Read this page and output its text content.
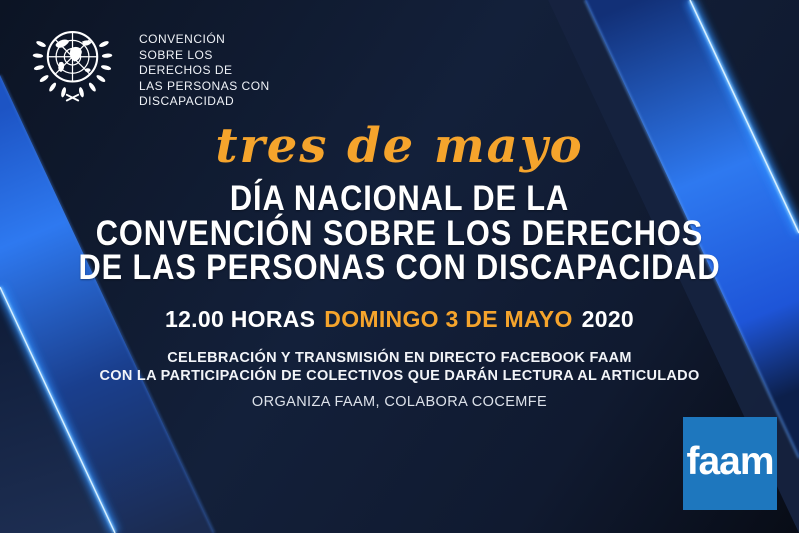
CONVENCIÓN
SOBRE LOS
DERECHOS DE
LAS PERSONAS CON
DISCAPACIDAD
tres de mayo
DÍA NACIONAL DE LA
CONVENCIÓN SOBRE LOS DERECHOS
DE LAS PERSONAS CON DISCAPACIDAD
12.00 HORAS DOMINGO 3 DE MAYO 2020
CELEBRACIÓN Y TRANSMISIÓN EN DIRECTO FACEBOOK FAAM
CON LA PARTICIPACIÓN DE COLECTIVOS QUE DARÁN LECTURA AL ARTICULADO
ORGANIZA FAAM, COLABORA COCEMFE
faam
